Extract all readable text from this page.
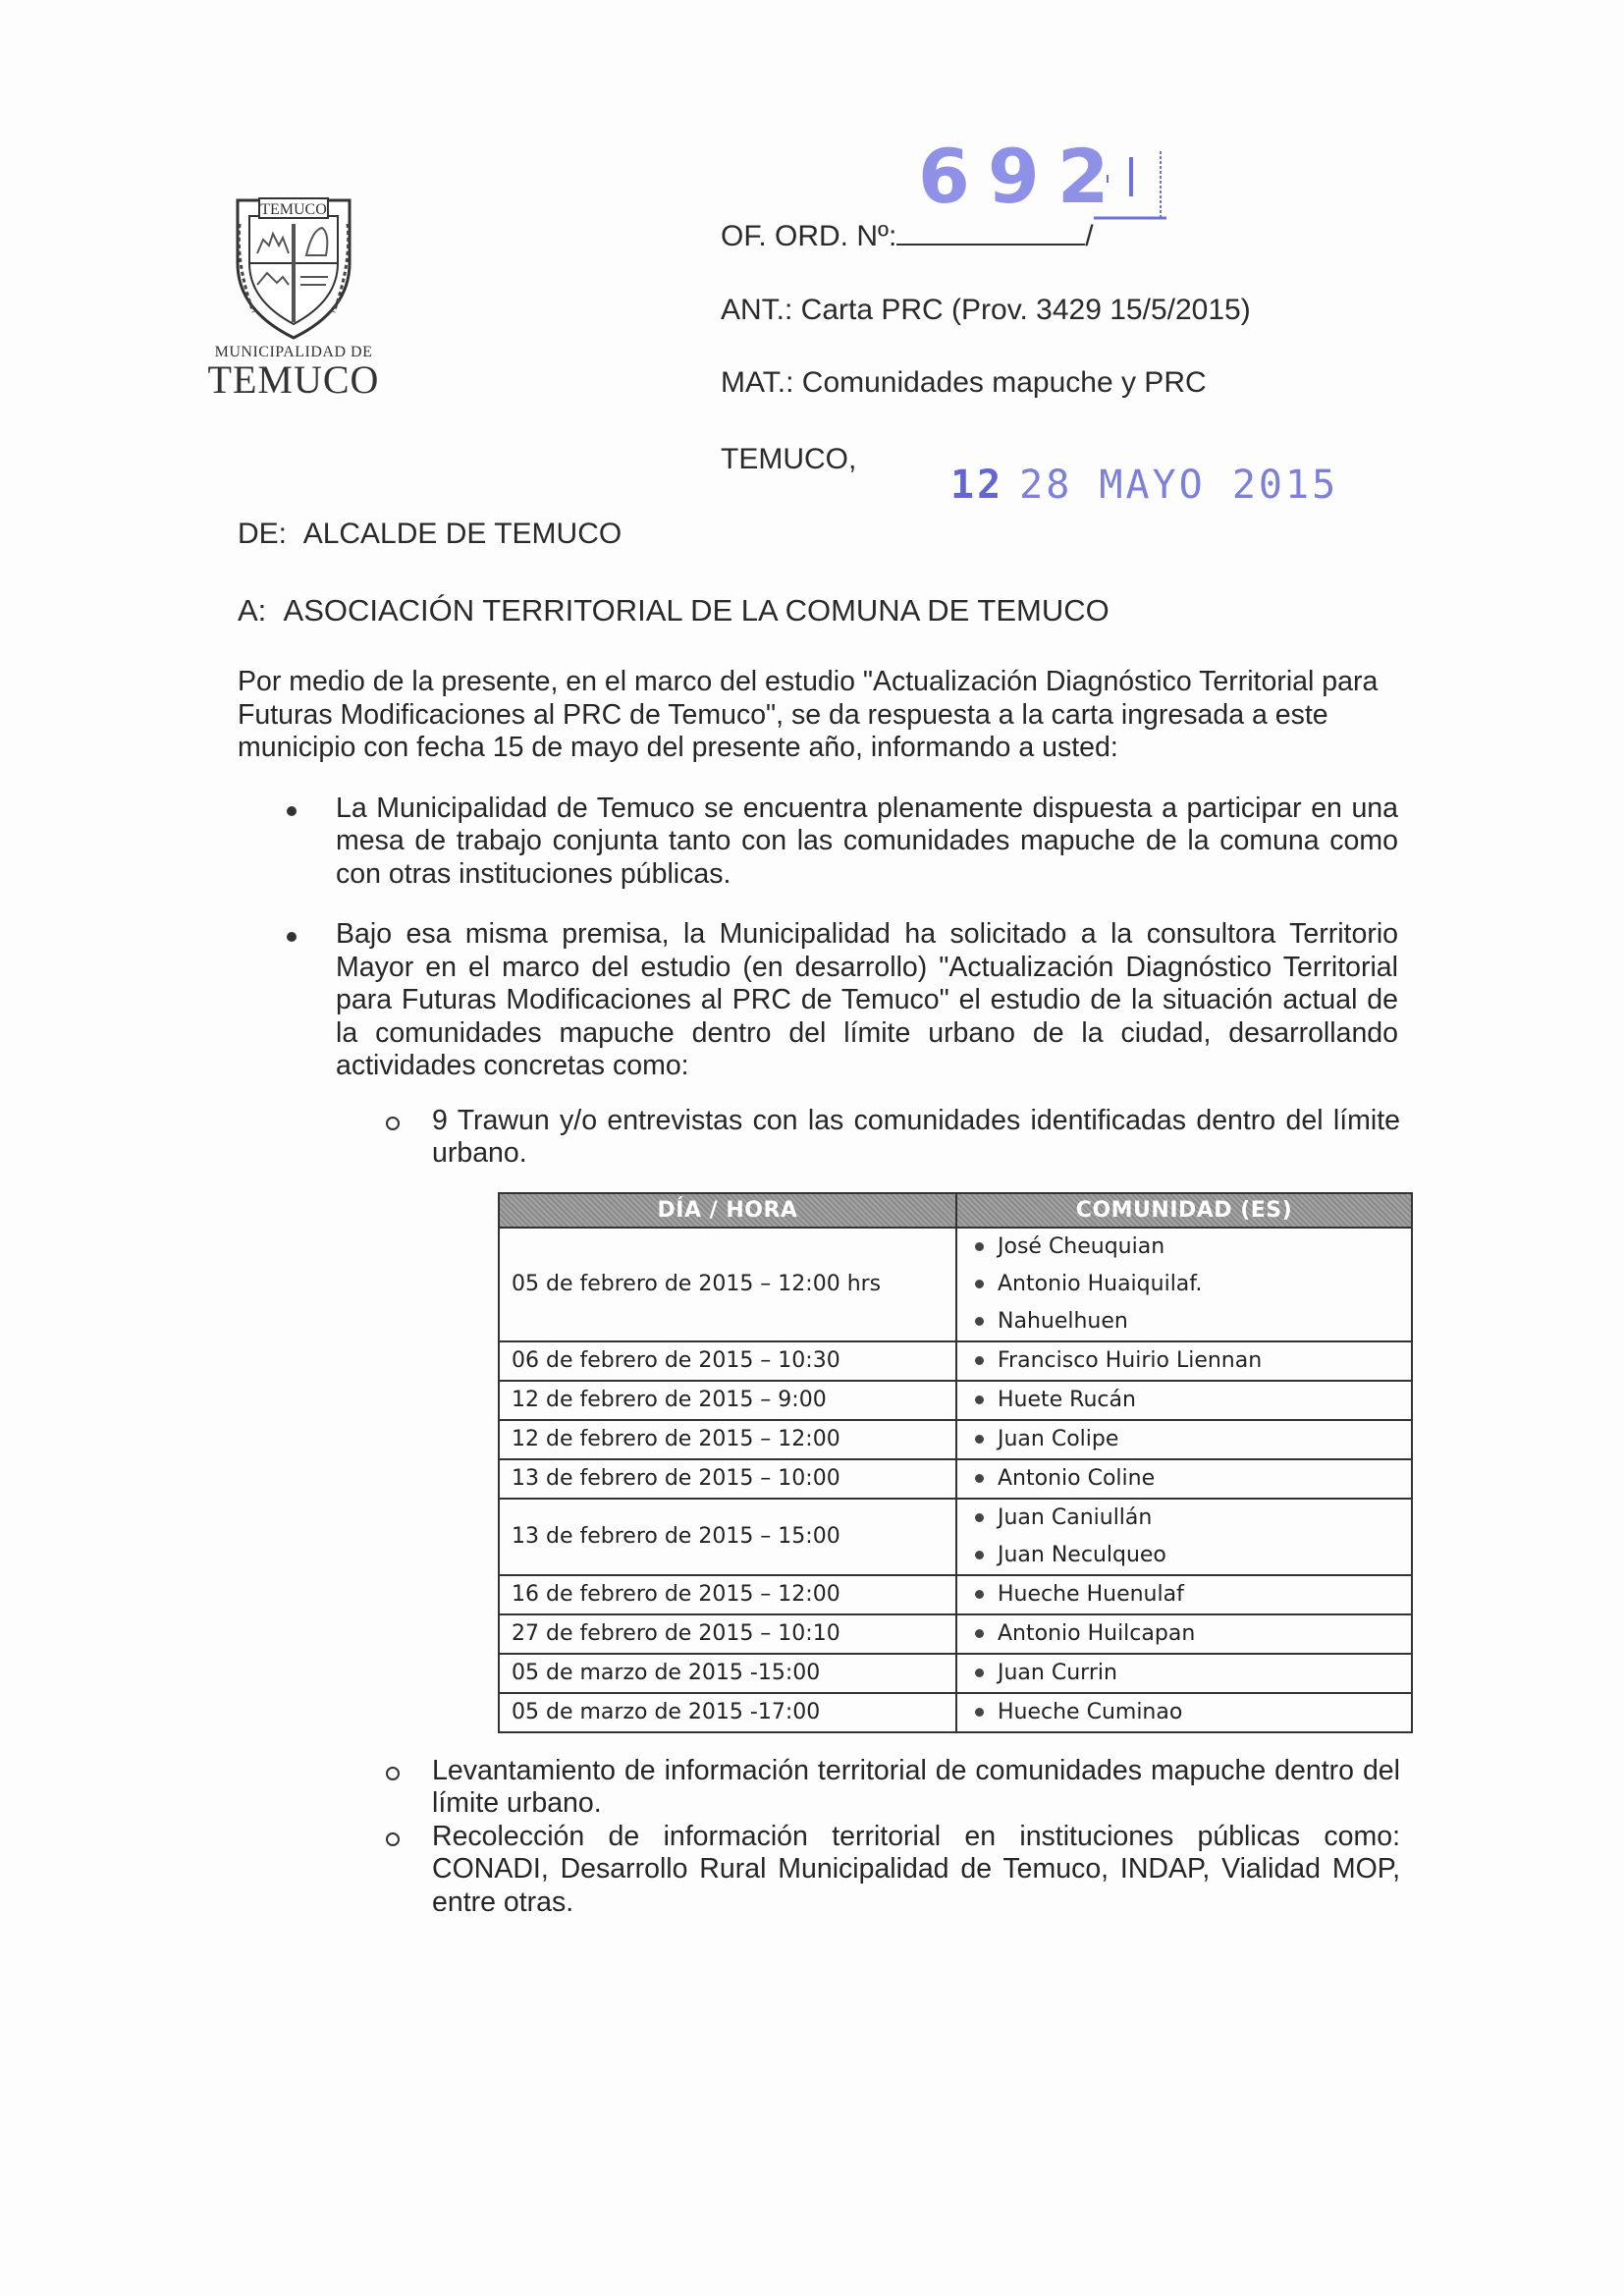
TEMUCO
MUNICIPALIDAD DE
TEMUCO
692
OF. ORD. Nº:	/
ANT.: Carta PRC (Prov. 3429 15/5/2015)
MAT.: Comunidades mapuche y PRC
TEMUCO,
12 28 MAYO 2015
DE: ALCALDE DE TEMUCO
A: ASOCIACIÓN TERRITORIAL DE LA COMUNA DE TEMUCO
Por medio de la presente, en el marco del estudio "Actualización Diagnóstico Territorial para Futuras Modificaciones al PRC de Temuco", se da respuesta a la carta ingresada a este municipio con fecha 15 de mayo del presente año, informando a usted:
La Municipalidad de Temuco se encuentra plenamente dispuesta a participar en una mesa de trabajo conjunta tanto con las comunidades mapuche de la comuna como con otras instituciones públicas.
Bajo esa misma premisa, la Municipalidad ha solicitado a la consultora Territorio Mayor en el marco del estudio (en desarrollo) "Actualización Diagnóstico Territorial para Futuras Modificaciones al PRC de Temuco" el estudio de la situación actual de la comunidades mapuche dentro del límite urbano de la ciudad, desarrollando actividades concretas como:
9 Trawun y/o entrevistas con las comunidades identificadas dentro del límite urbano.
DÍA / HORA	COMUNIDAD (ES)
05 de febrero de 2015 – 12:00 hrs	José Cheuquian
Antonio Huaiquilaf.
Nahuelhuen

06 de febrero de 2015 – 10:30	Francisco Huirio Liennan

12 de febrero de 2015 – 9:00	Huete Rucán

12 de febrero de 2015 – 12:00	Juan Colipe

13 de febrero de 2015 – 10:00	Antonio Coline

13 de febrero de 2015 – 15:00	Juan Caniullán
Juan Neculqueo

16 de febrero de 2015 – 12:00	Hueche Huenulaf

27 de febrero de 2015 – 10:10	Antonio Huilcapan

05 de marzo de 2015 -15:00	Juan Currin

05 de marzo de 2015 -17:00	Hueche Cuminao
Levantamiento de información territorial de comunidades mapuche dentro del límite urbano.
Recolección de información territorial en instituciones públicas como: CONADI, Desarrollo Rural Municipalidad de Temuco, INDAP, Vialidad MOP, entre otras.
